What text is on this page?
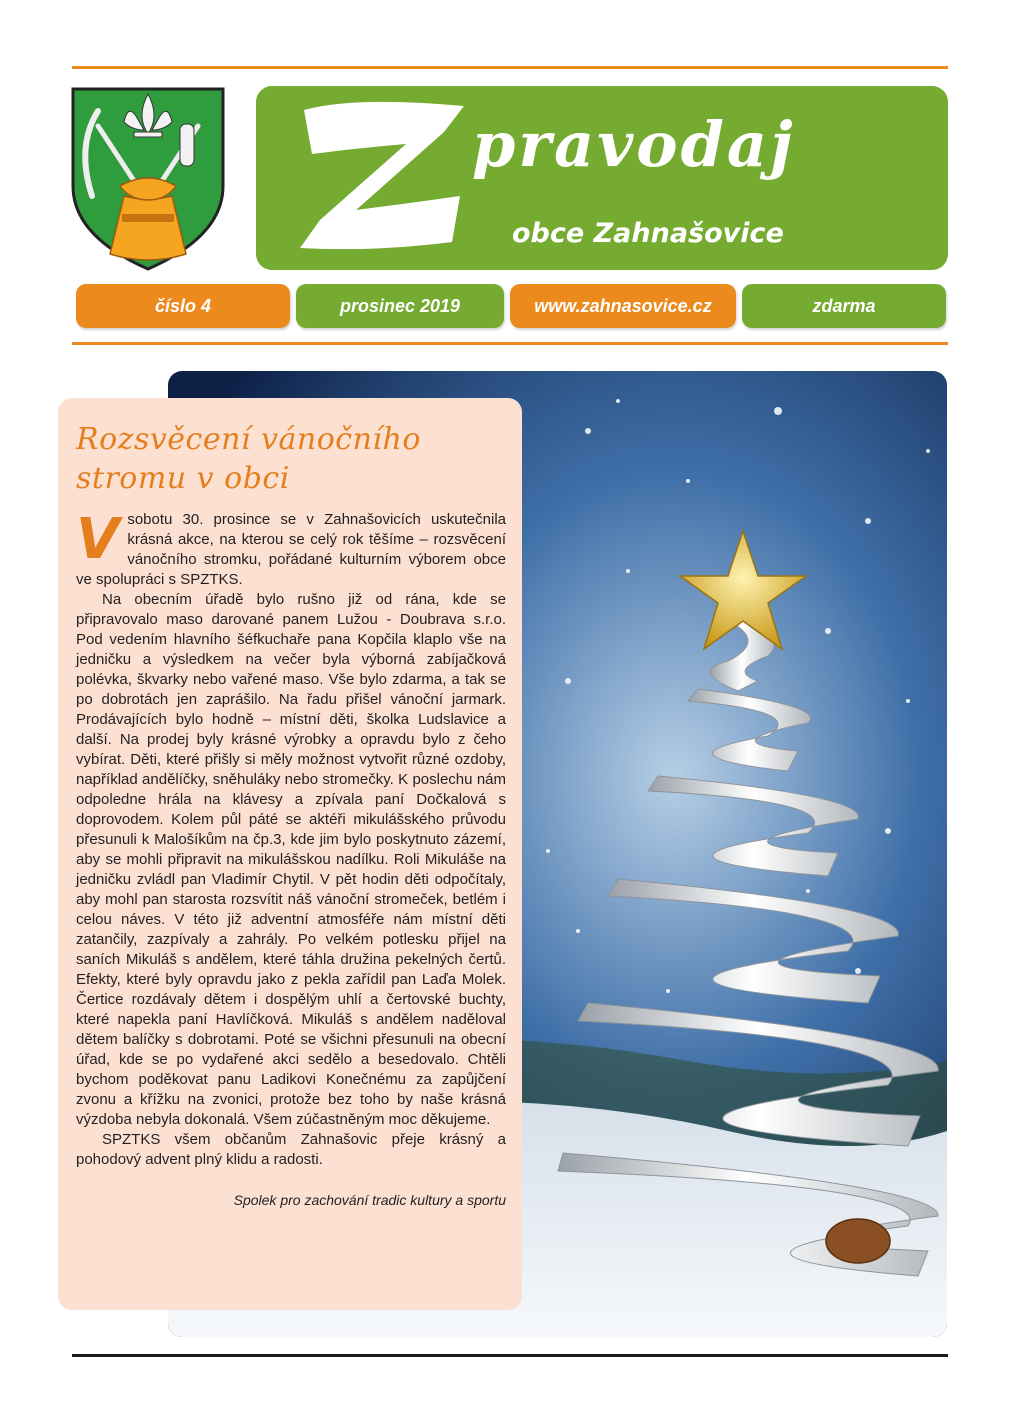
pravodaj
obce Zahnašovice
číslo 4	prosinec 2019	www.zahnasovice.cz	zdarma
Rozsvěcení vánočního stromu v obci
V sobotu 30. prosince se v Zahnašovicích uskutečnila krásná akce, na kterou se celý rok těšíme – rozsvěcení vánočního stromku, pořádané kulturním výborem obce ve spolupráci s SPZTKS.

Na obecním úřadě bylo rušno již od rána, kde se připravovalo maso darované panem Lužou - Doubrava s.r.o. Pod vedením hlavního šéfkuchaře pana Kopčila klaplo vše na jedničku a výsledkem na večer byla výborná zabíjačková polévka, škvarky nebo vařené maso. Vše bylo zdarma, a tak se po dobrotách jen zaprášilo. Na řadu přišel vánoční jarmark. Prodávajících bylo hodně – místní děti, školka Ludslavice a další. Na prodej byly krásné výrobky a opravdu bylo z čeho vybírat. Děti, které přišly si měly možnost vytvořit různé ozdoby, například andělíčky, sněhuláky nebo stromečky. K poslechu nám odpoledne hrála na klávesy a zpívala paní Dočkalová s doprovodem. Kolem půl páté se aktéři mikulášského průvodu přesunuli k Malošíkům na čp.3, kde jim bylo poskytnuto zázemí, aby se mohli připravit na mikulášskou nadílku. Roli Mikuláše na jedničku zvládl pan Vladimír Chytil. V pět hodin děti odpočítaly, aby mohl pan starosta rozsvítit náš vánoční stromeček, betlém i celou náves. V této již adventní atmosféře nám místní děti zatančily, zazpívaly a zahrály. Po velkém potlesku přijel na saních Mikuláš s andělem, které táhla družina pekelných čertů. Efekty, které byly opravdu jako z pekla zařídil pan Laďa Molek. Čertice rozdávaly dětem i dospělým uhlí a čertovské buchty, které napekla paní Havlíčková. Mikuláš s andělem naděloval dětem balíčky s dobrotami. Poté se všichni přesunuli na obecní úřad, kde se po vydařené akci sedělo a besedovalo. Chtěli bychom poděkovat panu Ladikovi Konečnému za zapůjčení zvonu a křížku na zvonici, protože bez toho by naše krásná výzdoba nebyla dokonalá. Všem zúčastněným moc děkujeme.

SPZTKS všem občanům Zahnašovic přeje krásný a pohodový advent plný klidu a radosti.

Spolek pro zachování tradic kultury a sportu
